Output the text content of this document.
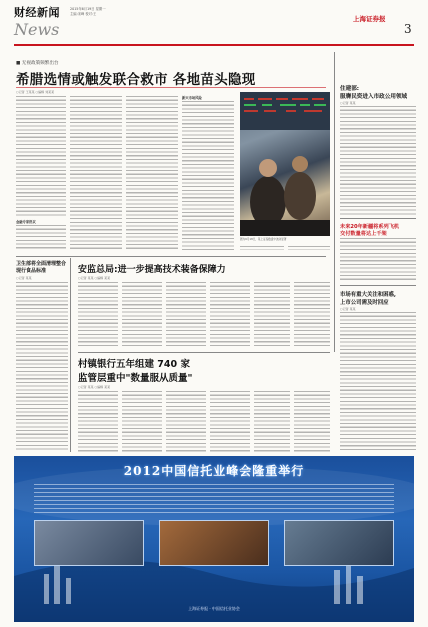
财经新闻
News
2015年6月19日 星期一
主编:宋峰 校对:王
上海证券报
3
■ 无视政策频繁出台
希腊选情或触发联合救市 各地苗头隐现
○记者 王某某 ○编辑 刘某某
金融专家热议
新兴市场风险
图为6月18日，某上证指数盘中波动显著
住建部:
服膺民资进入市政公用领域
○记者 某某
未来20年新疆将系列飞机
交付数量将达上千架
市场有重大关注和困惑,
上市公司需及时回应
○记者 某某
卫生部将全面清理整合
现行食品标准
○记者 某某
安监总局:进一步提高技术装备保障力
○记者 某某 ○编辑 某某
村镇银行五年组建 740 家
监管层重中"数量服从质量"
○记者 某某 ○编辑 某某
2012中国信托业峰会隆重举行
上海证券报 · 中国信托业协会
